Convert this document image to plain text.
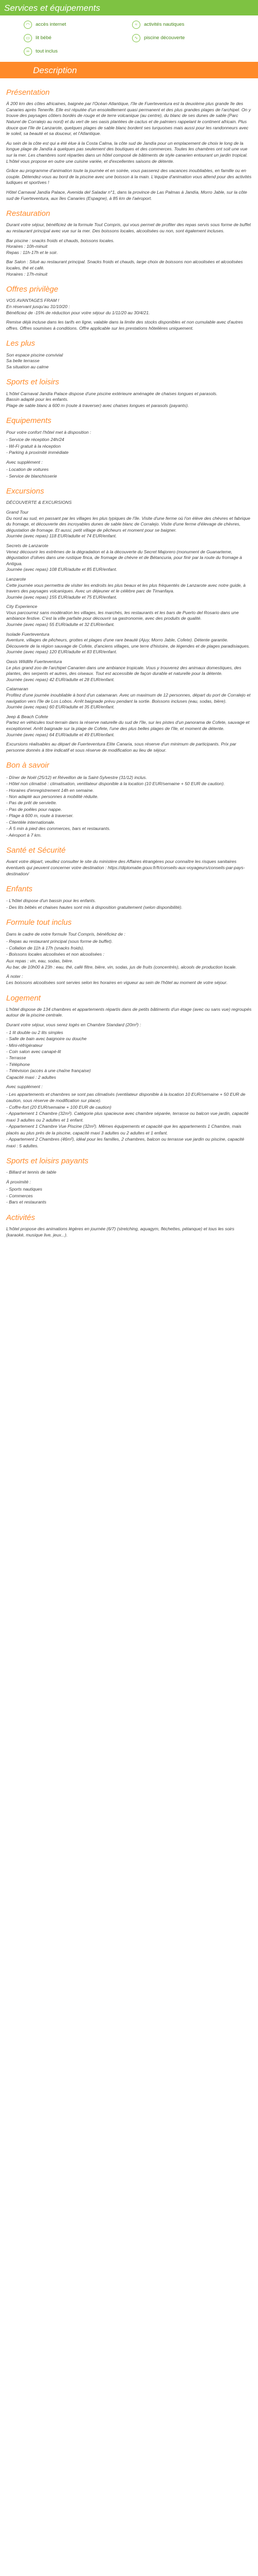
Services et équipements
◠	accès internet	≈	activités nautiques
▭	lit bébé	∿	piscine découverte
∞	tout inclus
Description
Présentation

À 200 km des côtes africaines, baignée par l'Océan Atlantique, l'île de Fuerteventura est la deuxième plus grande île des Canaries après Tenerife. Elle est réputée d'un ensoleillement quasi permanent et des plus grandes plages de l'archipel. On y trouve des paysages côtiers bordés de rouge et de terre volcanique (au centre), du blanc de ses dunes de sable (Parc Naturel de Corralejo au nord) et du vert de ses oasis plantées de cactus et de palmiers rappelant le continent africain. Plus douce que l'île de Lanzarote, quelques plages de sable blanc bordent ses turquoises mais aussi pour les randonneurs avec le soleil, sa beauté et sa douceur, et l'Atlantique.

Au sein de la côte est qui a été élue à la Costa Calma, la côte sud de Jandía pour un emplacement de choix le long de la longue plage de Jandía à quelques pas seulement des boutiques et des commerces. Toutes les chambres ont soit une vue sur la mer. Les chambres sont réparties dans un hôtel composé de bâtiments de style canarien entourant un jardin tropical. L'hôtel vous propose en outre une cuisine variée, et d'excellentes saisons de détente.

Grâce au programme d'animation toute la journée et en soirée, vous passerez des vacances inoubliables, en famille ou en couple. Détendez-vous au bord de la piscine avec une boisson à la main. L'équipe d'animation vous attend pour des activités ludiques et sportives !

Hôtel Carnaval Jandía Palace, Avenida del Saladar n°1, dans la province de Las Palmas à Jandía, Morro Jable, sur la côte sud de Fuerteventura, aux îles Canaries (Espagne), à 85 km de l'aéroport.

Restauration

Durant votre séjour, bénéficiez de la formule Tout Compris, qui vous permet de profiter des repas servis sous forme de buffet au restaurant principal avec vue sur la mer. Des boissons locales, alcoolisées ou non, sont également incluses.

Bar piscine : snacks froids et chauds, boissons locales.

Horaires : 10h-minuit

Repas : 11h-17h et le soir.

Bar Salon : Situé au restaurant principal. Snacks froids et chauds, large choix de boissons non alcoolisées et alcoolisées locales, thé et café.

Horaires : 17h-minuit

Offres privilège

VOS AVANTAGES FRAM !

En réservant jusqu'au 31/10/20 :

Bénéficiez de -15% de réduction pour votre séjour du 1/11/20 au 30/4/21.

Remise déjà incluse dans les tarifs en ligne, valable dans la limite des stocks disponibles et non cumulable avec d'autres offres. Offres soumises à conditions. Offre applicable sur les prestations hôtelières uniquement.

Les plus

Son espace piscine convivial

Sa belle terrasse

Sa situation au calme

Sports et loisirs

L'hôtel Carnaval Jandía Palace dispose d'une piscine extérieure aménagée de chaises longues et parasols.

Bassin adapté pour les enfants.

Plage de sable blanc à 600 m (route à traverser) avec chaises longues et parasols (payants).

Equipements

Pour votre confort l'hôtel met à disposition :

- Service de réception 24h/24
- Wi-Fi gratuit à la réception
- Parking à proximité immédiate

Avec supplément :

- Location de voitures
- Service de blanchisserie
Excursions

DÉCOUVERTE & EXCURSIONS

Grand Tour

Du nord au sud, en passant par les villages les plus typiques de l'île. Visite d'une ferme où l'on élève des chèvres et fabrique du fromage, et découverte des incroyables dunes de sable blanc de Corralejo. Visite d'une ferme d'élevage de chèvres, dégustation de fromage. Et aussi, petit village de pêcheurs et moment pour se baigner.

Journée (avec repas) 118 EUR/adulte et 74 EUR/enfant.

Secrets de Lanzarote

Venez découvrir les extrêmes de la dégradation et à la découverte du Secret Majorero (monument de Guanarteme, dégustation d'olives dans une rustique finca, de fromage de chèvre et de Bétancuria, pour finir par la route du fromage à Antigua.

Journée (avec repas) 108 EUR/adulte et 85 EUR/enfant.

Lanzarote

Cette journée vous permettra de visiter les endroits les plus beaux et les plus fréquentés de Lanzarote avec notre guide, à travers des paysages volcaniques. Avec un déjeuner et le célèbre parc de Timanfaya.

Journée (avec repas) 155 EUR/adulte et 75 EUR/enfant.

City Experience

Vous parcourrez sans modération les villages, les marchés, les restaurants et les bars de Puerto del Rosario dans une ambiance festive. C'est la ville parfaite pour découvrir sa gastronomie, avec des produits de qualité.

Journée (avec repas) 55 EUR/adulte et 32 EUR/enfant.

Isolade Fuerteventura

Aventure, villages de pêcheurs, grottes et plages d'une rare beauté (Ajuy, Morro Jable, Cofete). Détente garantie. Découverte de la région sauvage de Cofete, d'anciens villages, une terre d'histoire, de légendes et de plages paradisiaques.

Journée (avec repas) 120 EUR/adulte et 83 EUR/enfant.

Oasis Wildlife Fuerteventura

Le plus grand zoo de l'archipel Canarien dans une ambiance tropicale. Vous y trouverez des animaux domestiques, des plantes, des serpents et autres, des oiseaux. Tout est accessible de façon durable et naturelle pour la détente.

Journée (avec repas) 42 EUR/adulte et 28 EUR/enfant.

Catamaran

Profitez d'une journée inoubliable à bord d'un catamaran. Avec un maximum de 12 personnes, départ du port de Corralejo et navigation vers l'île de Los Lobos. Arrêt baignade prévu pendant la sortie. Boissons incluses (eau, sodas, bière).

Journée (avec repas) 60 EUR/adulte et 35 EUR/enfant.

Jeep & Beach Cofete

Partez en véhicules tout-terrain dans la réserve naturelle du sud de l'île, sur les pistes d'un panorama de Cofete, sauvage et exceptionnel. Arrêt baignade sur la plage de Cofete, l'une des plus belles plages de l'île, et moment de détente.

Journée (avec repas) 64 EUR/adulte et 49 EUR/enfant.

Excursions réalisables au départ de Fuerteventura Elite Canaria, sous réserve d'un minimum de participants. Prix par personne donnés à titre indicatif et sous réserve de modification au lieu de séjour.

Bon à savoir
- Dîner de Noël (25/12) et Réveillon de la Saint-Sylvestre (31/12) inclus.
- Hôtel non climatisé : climatisation, ventilateur disponible à la location (10 EUR/semaine + 50 EUR de caution).
- Horaires d'enregistrement 14h en semaine.
- Non adapté aux personnes à mobilité réduite.
- Pas de prêt de serviette.
- Pas de poêles pour nappe.
- Plage à 600 m, route à traverser.
- Clientèle internationale.
- À 5 min à pied des commerces, bars et restaurants.
- Aéroport à 7 km.
Santé et Sécurité

Avant votre départ, veuillez consulter le site du ministère des Affaires étrangères pour connaître les risques sanitaires éventuels qui peuvent concerner votre destination : https://diplomatie.gouv.fr/fr/conseils-aux-voyageurs/conseils-par-pays-destination/

Enfants
- L'hôtel dispose d'un bassin pour les enfants.
- Des lits bébés et chaises hautes sont mis à disposition gratuitement (selon disponibilité).
Formule tout inclus

Dans le cadre de votre formule Tout Compris, bénéficiez de :

- Repas au restaurant principal (sous forme de buffet).
- Collation de 11h à 17h (snacks froids).
- Boissons locales alcoolisées et non alcoolisées :
Aux repas : vin, eau, sodas, bière.
Au bar, de 10h00 à 23h : eau, thé, café filtre, bière, vin, sodas, jus de fruits (concentrés), alcools de production locale.

À noter :

Les boissons alcoolisées sont servies selon les horaires en vigueur au sein de l'hôtel au moment de votre séjour.

Logement

L'hôtel dispose de 134 chambres et appartements répartis dans de petits bâtiments d'un étage (avec ou sans vue) regroupés autour de la piscine centrale.

Durant votre séjour, vous serez logés en Chambre Standard (20m²) :

- 1 lit double ou 2 lits simples
- Salle de bain avec baignoire ou douche
- Mini-réfrigérateur
- Coin salon avec canapé-lit
- Terrasse
- Téléphone
- Télévision (accès à une chaîne française)
Capacité maxi : 2 adultes

Avec supplément :

- Les appartements et chambres se sont pas climatisés (ventilateur disponible à la location 10 EUR/semaine + 50 EUR de caution, sous réserve de modification sur place).
- Coffre-fort (20 EUR/semaine + 100 EUR de caution)
- Appartement 1 Chambre (32m²). Catégorie plus spacieuse avec chambre séparée, terrasse ou balcon vue jardin, capacité maxi 3 adultes ou 2 adultes et 1 enfant.
- Appartement 1 Chambre Vue Piscine (32m²). Mêmes équipements et capacité que les appartements 1 Chambre, mais placés au plus près de la piscine, capacité maxi 3 adultes ou 2 adultes et 1 enfant.
- Appartement 2 Chambres (46m²), idéal pour les familles, 2 chambres, balcon ou terrasse vue jardin ou piscine, capacité maxi : 5 adultes.
Sports et loisirs payants

- Billard et tennis de table

À proximité :

- Sports nautiques
- Commerces
- Bars et restaurants
Activités

L'hôtel propose des animations légères en journée (6/7) (stretching, aquagym, fléchettes, pétanque) et tous les soirs (karaoké, musique live, jeux...).
